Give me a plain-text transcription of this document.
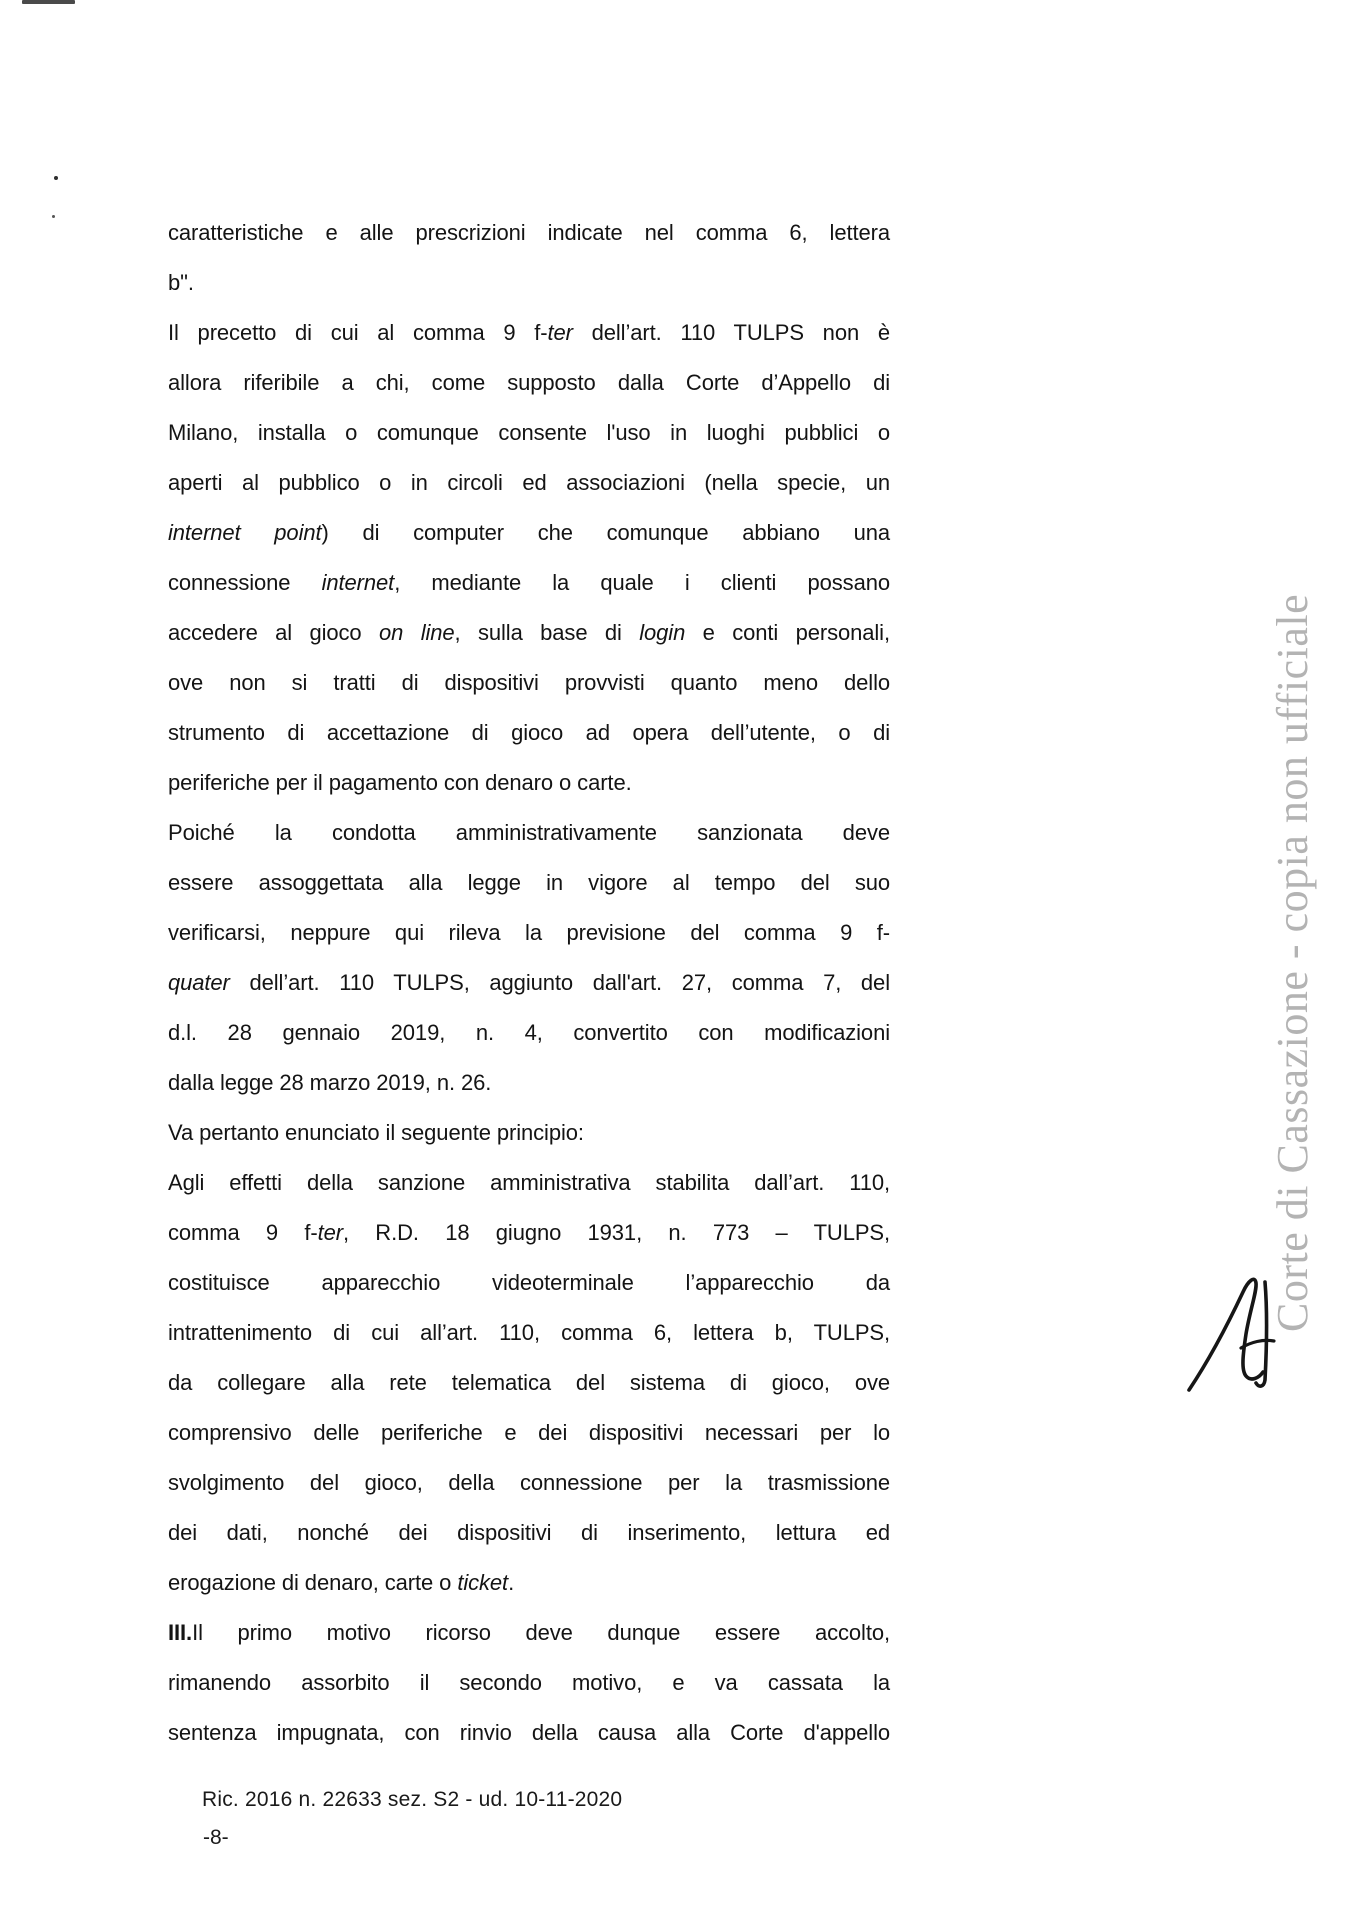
caratteristiche e alle prescrizioni indicate nel comma 6, lettera
b".
Il precetto di cui al comma 9 f-ter dell’art. 110 TULPS non è
allora riferibile a chi, come supposto dalla Corte d’Appello di
Milano, installa o comunque consente l'uso in luoghi pubblici o
aperti al pubblico o in circoli ed associazioni (nella specie, un
internet point) di computer che comunque abbiano una
connessione internet, mediante la quale i clienti possano
accedere al gioco on line, sulla base di login e conti personali,
ove non si tratti di dispositivi provvisti quanto meno dello
strumento di accettazione di gioco ad opera dell’utente, o di
periferiche per il pagamento con denaro o carte.
Poiché la condotta amministrativamente sanzionata deve
essere assoggettata alla legge in vigore al tempo del suo
verificarsi, neppure qui rileva la previsione del comma 9 f-
quater dell’art. 110 TULPS, aggiunto dall'art. 27, comma 7, del
d.l. 28 gennaio 2019, n. 4, convertito con modificazioni
dalla legge 28 marzo 2019, n. 26.
Va pertanto enunciato il seguente principio:
Agli effetti della sanzione amministrativa stabilita dall’art. 110,
comma 9 f-ter, R.D. 18 giugno 1931, n. 773 – TULPS,
costituisce apparecchio videoterminale l’apparecchio da
intrattenimento di cui all’art. 110, comma 6, lettera b, TULPS,
da collegare alla rete telematica del sistema di gioco, ove
comprensivo delle periferiche e dei dispositivi necessari per lo
svolgimento del gioco, della connessione per la trasmissione
dei dati, nonché dei dispositivi di inserimento, lettura ed
erogazione di denaro, carte o ticket.
III.Il primo motivo ricorso deve dunque essere accolto,
rimanendo assorbito il secondo motivo, e va cassata la
sentenza impugnata, con rinvio della causa alla Corte d'appello
Corte di Cassazione - copia non ufficiale
Ric. 2016 n. 22633 sez. S2 - ud. 10-11-2020
-8-
